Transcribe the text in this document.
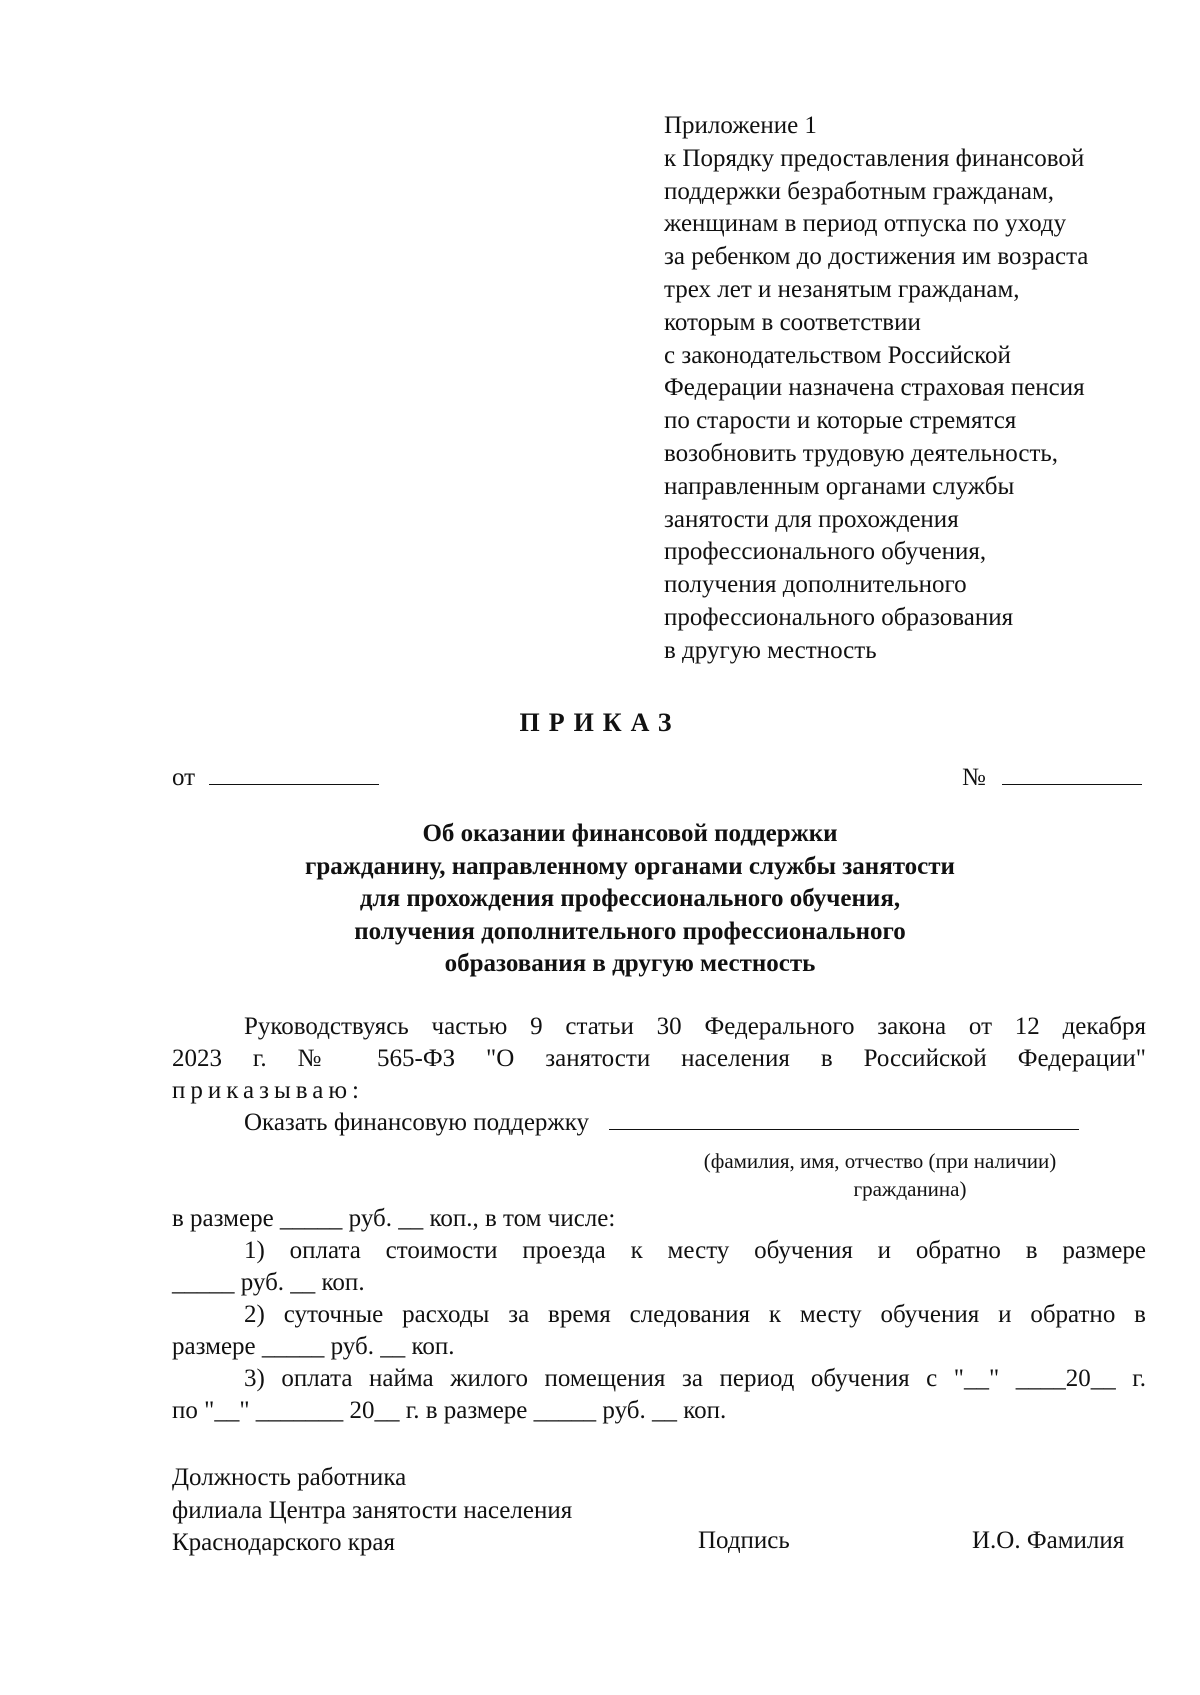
Приложение 1
к Порядку предоставления финансовой
поддержки безработным гражданам,
женщинам в период отпуска по уходу
за ребенком до достижения им возраста
трех лет и незанятым гражданам,
которым в соответствии
с законодательством Российской
Федерации назначена страховая пенсия
по старости и которые стремятся
возобновить трудовую деятельность,
направленным органами службы
занятости для прохождения
профессионального обучения,
получения дополнительного
профессионального образования
в другую местность
ПРИКАЗ
от	№
Об оказании финансовой поддержки
гражданину, направленному органами службы занятости
для прохождения профессионального обучения,
получения дополнительного профессионального
образования в другую местность
Руководствуясь частью 9 статьи 30 Федерального закона от 12 декабря
2023 г. № 565-ФЗ "О занятости населения в Российской Федерации"
приказываю:
Оказать финансовую поддержку
(фамилия, имя, отчество (при наличии)
гражданина)
в размере _____ руб. __ коп., в том числе:
1) оплата стоимости проезда к месту обучения и обратно в размере
_____ руб. __ коп.
2) суточные расходы за время следования к месту обучения и обратно в
размере _____ руб. __ коп.
3) оплата найма жилого помещения за период обучения с "__" ____20__ г.
по "__" _______ 20__ г. в размере _____ руб. __ коп.
Должность работника
филиала Центра занятости населения
Краснодарского края	Подпись	И.О. Фамилия
